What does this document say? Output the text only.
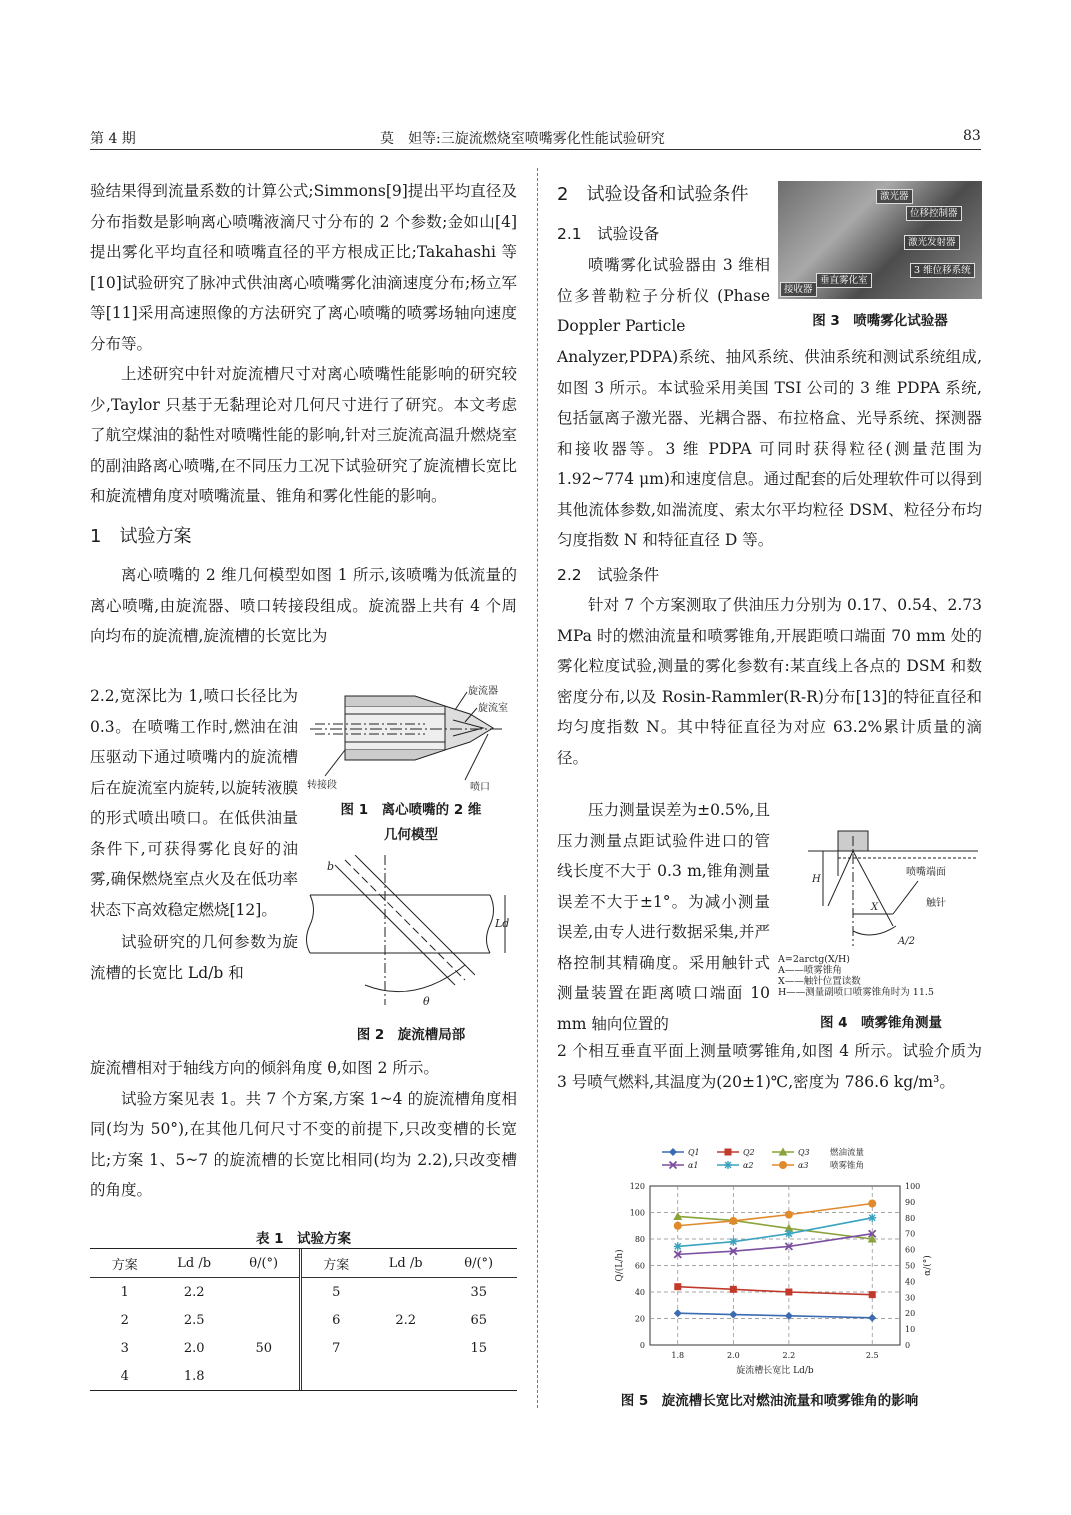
第 4 期	莫　妲等:三旋流燃烧室喷嘴雾化性能试验研究	83

验结果得到流量系数的计算公式;Simmons[9]提出平均直径及分布指数是影响离心喷嘴液滴尺寸分布的 2 个参数;金如山[4]提出雾化平均直径和喷嘴直径的平方根成正比;Takahashi 等[10]试验研究了脉冲式供油离心喷嘴雾化油滴速度分布;杨立军等[11]采用高速照像的方法研究了离心喷嘴的喷雾场轴向速度分布等。

上述研究中针对旋流槽尺寸对离心喷嘴性能影响的研究较少,Taylor 只基于无黏理论对几何尺寸进行了研究。本文考虑了航空煤油的黏性对喷嘴性能的影响,针对三旋流高温升燃烧室的副油路离心喷嘴,在不同压力工况下试验研究了旋流槽长宽比和旋流槽角度对喷嘴流量、锥角和雾化性能的影响。

1　试验方案

离心喷嘴的 2 维几何模型如图 1 所示,该喷嘴为低流量的离心喷嘴,由旋流器、喷口转接段组成。旋流器上共有 4 个周向均布的旋流槽,旋流槽的长宽比为

2.2,宽深比为 1,喷口长径比为 0.3。在喷嘴工作时,燃油在油压驱动下通过喷嘴内的旋流槽后在旋流室内旋转,以旋转液膜的形式喷出喷口。在低供油量条件下,可获得雾化良好的油雾,确保燃烧室点火及在低功率状态下高效稳定燃烧[12]。

试验研究的几何参数为旋流槽的长宽比 Ld/b 和

旋流槽相对于轴线方向的倾斜角度 θ,如图 2 所示。

试验方案见表 1。共 7 个方案,方案 1~4 的旋流槽角度相同(均为 50°),在其他几何尺寸不变的前提下,只改变槽的长宽比;方案 1、5~7 的旋流槽的长宽比相同(均为 2.2),只改变槽的角度。

旋流器
旋流室
转接段	喷口
图 1　离心喷嘴的 2 维
几何模型
b
Ld
θ
图 2　旋流槽局部
表 1　试验方案
方案	Ld /b	θ/(°)	方案	Ld /b	θ/(°)
1	2.2		5		35
2	2.5		6	2.2	65
3	2.0	50	7		15
4	1.8				
2　试验设备和试验条件
2.1　试验设备

喷嘴雾化试验器由 3 维相位多普勒粒子分析仪 (Phase Doppler Particle

激光器
位移控制器
激光发射器
3 维位移系统
垂直雾化室
接收器
图 3　喷嘴雾化试验器

Analyzer,PDPA)系统、抽风系统、供油系统和测试系统组成,如图 3 所示。本试验采用美国 TSI 公司的 3 维 PDPA 系统,包括氩离子激光器、光耦合器、布拉格盒、光导系统、探测器和接收器等。3 维 PDPA 可同时获得粒径(测量范围为 1.92~774 μm)和速度信息。通过配套的后处理软件可以得到其他流体参数,如湍流度、索太尔平均粒径 DSM、粒径分布均匀度指数 N 和特征直径 D 等。

2.2　试验条件

针对 7 个方案测取了供油压力分别为 0.17、0.54、2.73 MPa 时的燃油流量和喷雾锥角,开展距喷口端面 70 mm 处的雾化粒度试验,测量的雾化参数有:某直线上各点的 DSM 和数密度分布,以及 Rosin-Rammler(R-R)分布[13]的特征直径和均匀度指数 N。其中特征直径为对应 63.2%累计质量的滴径。

压力测量误差为±0.5%,且压力测量点距试验件进口的管线长度不大于 0.3 m,锥角测量误差不大于±1°。为减小测量误差,由专人进行数据采集,并严格控制其精确度。采用触针式测量装置在距离喷口端面 10 mm 轴向位置的

喷嘴端面
触针
H
X
A/2
A=2arctg(X/H)
A——喷雾锥角
X——触针位置读数
H——测量副喷口喷雾锥角时为 11.5
图 4　喷雾锥角测量

2 个相互垂直平面上测量喷雾锥角,如图 4 所示。试验介质为 3 号喷气燃料,其温度为(20±1)℃,密度为 786.6 kg/m³。

0
20
40
60
80
100
120
0
10
20
30
40
50
60
70
80
90
100
1.8	2.0	2.2	2.5
旋流槽长宽比 Ld/b
Q/(L/h)	α/(°)
Q1	Q2	Q3
α1	α2	α3
燃油流量
喷雾锥角
图 5　旋流槽长宽比对燃油流量和喷雾锥角的影响
